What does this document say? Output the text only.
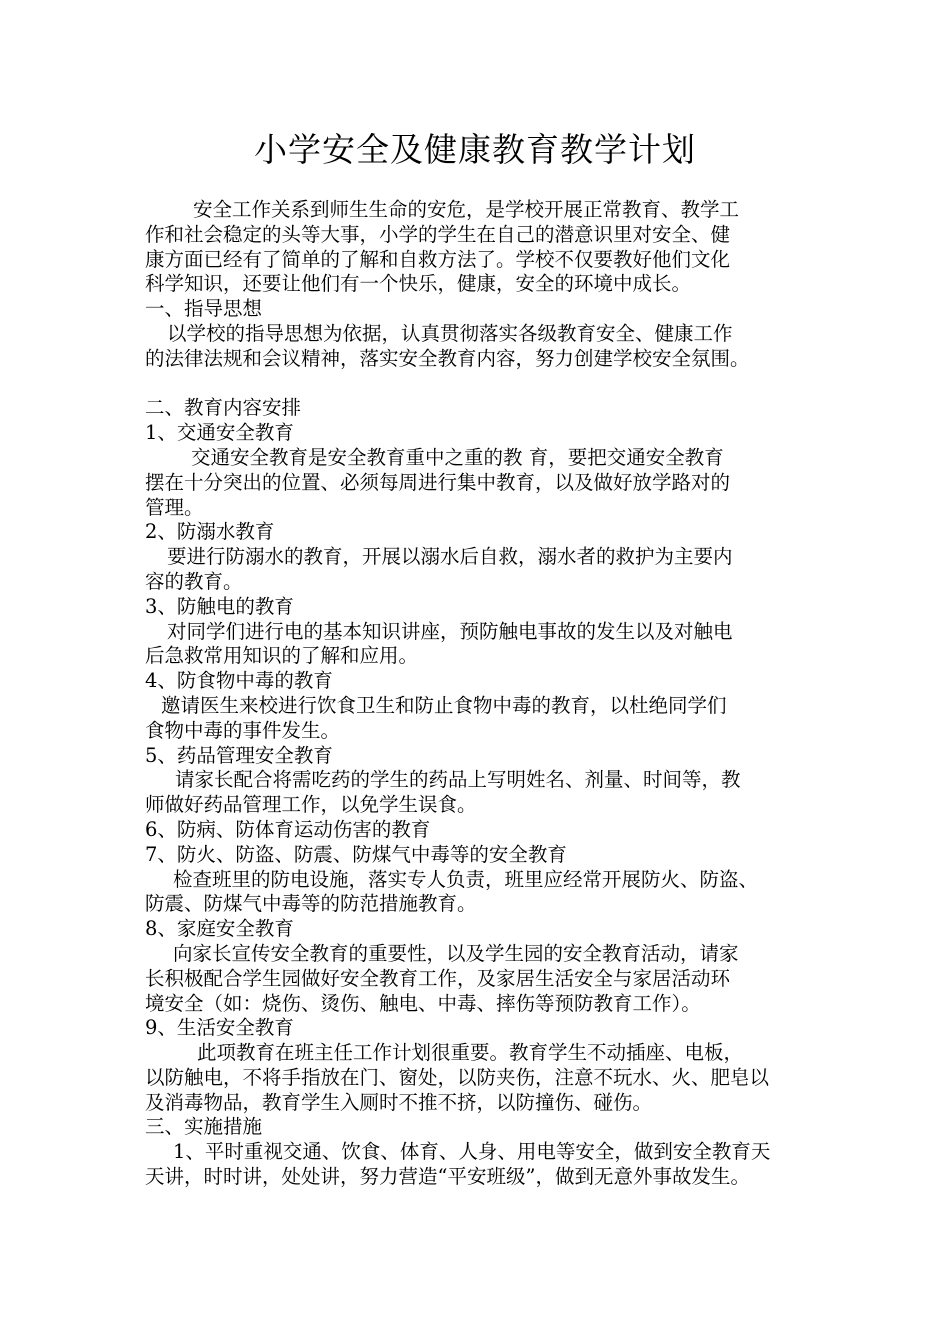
小学安全及健康教育教学计划
安全工作关系到师生生命的安危，是学校开展正常教育、教学工
作和社会稳定的头等大事，小学的学生在自己的潜意识里对安全、健
康方面已经有了简单的了解和自救方法了。学校不仅要教好他们文化
科学知识，还要让他们有一个快乐，健康，安全的环境中成长。
一、指导思想
以学校的指导思想为依据，认真贯彻落实各级教育安全、健康工作
的法律法规和会议精神，落实安全教育内容，努力创建学校安全氛围。
二、教育内容安排
1、交通安全教育
交通安全教育是安全教育重中之重的教 育，要把交通安全教育
摆在十分突出的位置、必须每周进行集中教育，以及做好放学路对的
管理。
2、防溺水教育
要进行防溺水的教育，开展以溺水后自救，溺水者的救护为主要内
容的教育。
3、防触电的教育
对同学们进行电的基本知识讲座，预防触电事故的发生以及对触电
后急救常用知识的了解和应用。
4、防食物中毒的教育
邀请医生来校进行饮食卫生和防止食物中毒的教育，以杜绝同学们
食物中毒的事件发生。
5、药品管理安全教育
请家长配合将需吃药的学生的药品上写明姓名、剂量、时间等，教
师做好药品管理工作，以免学生误食。
6、防病、防体育运动伤害的教育
7、防火、防盗、防震、防煤气中毒等的安全教育
检查班里的防电设施，落实专人负责，班里应经常开展防火、防盗、
防震、防煤气中毒等的防范措施教育。
8、家庭安全教育
向家长宣传安全教育的重要性，以及学生园的安全教育活动，请家
长积极配合学生园做好安全教育工作，及家居生活安全与家居活动环
境安全（如：烧伤、烫伤、触电、中毒、摔伤等预防教育工作）。
9、生活安全教育
此项教育在班主任工作计划很重要。教育学生不动插座、电板，
以防触电，不将手指放在门、窗处，以防夹伤，注意不玩水、火、肥皂以
及消毒物品，教育学生入厕时不推不挤，以防撞伤、碰伤。
三、实施措施
1、平时重视交通、饮食、体育、人身、用电等安全，做到安全教育天
天讲，时时讲，处处讲，努力营造“平安班级”，做到无意外事故发生。
